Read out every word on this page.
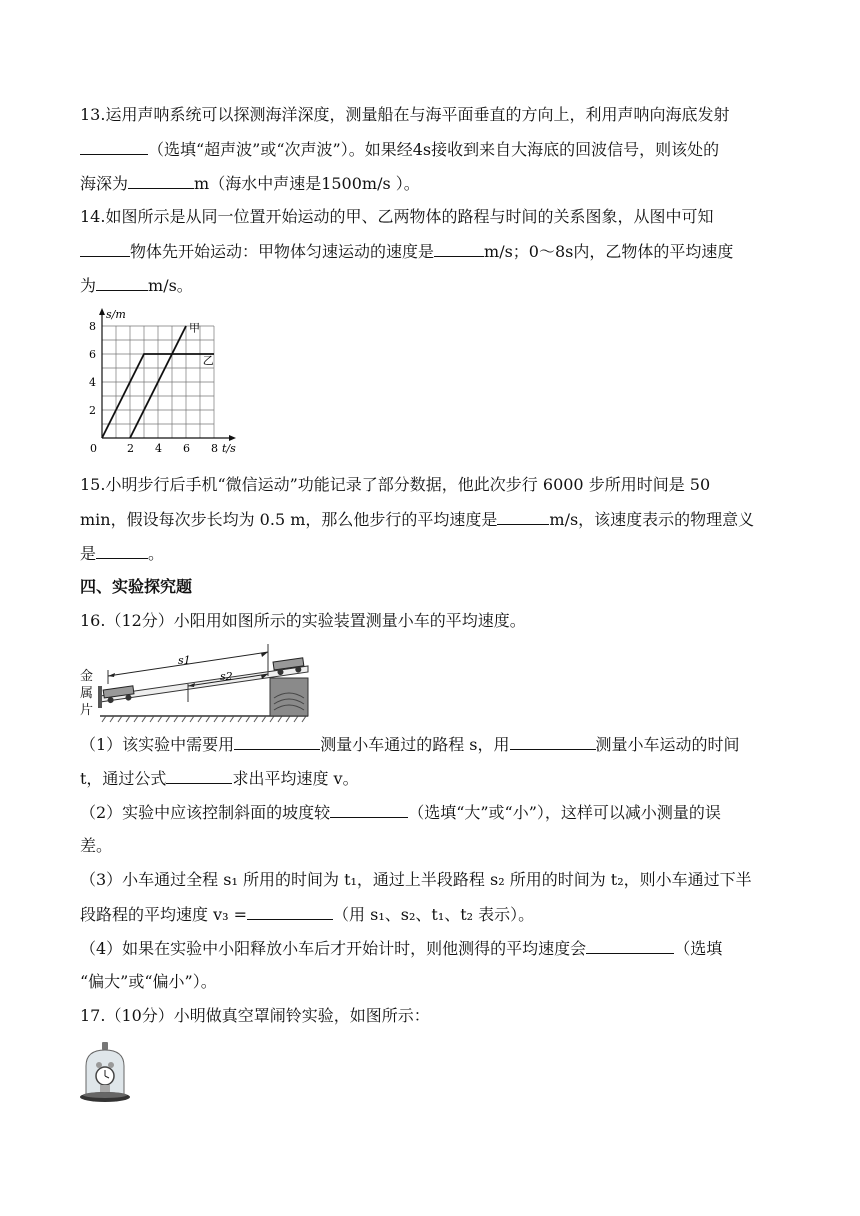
13.运用声呐系统可以探测海洋深度，测量船在与海平面垂直的方向上，利用声呐向海底发射
（选填“超声波”或“次声波”）。如果经4s接收到来自大海底的回波信号，则该处的
海深为	m（海水中声速是1500m/s ）。
14.如图所示是从同一位置开始运动的甲、乙两物体的路程与时间的关系图象，从图中可知
物体先开始运动：甲物体匀速运动的速度是	m/s；0～8s内，乙物体的平均速度
为	m/s。
0	2 4 6 8
2
4
6
8
t/s
s/m
甲
乙
15.小明步行后手机“微信运动”功能记录了部分数据，他此次步行 6000 步所用时间是 50
min，假设每次步长均为 0.5 m，那么他步行的平均速度是	m/s，该速度表示的物理意义
是	。
四、实验探究题
16.（12分）小阳用如图所示的实验装置测量小车的平均速度。
s1
s2
金属片
（1）该实验中需要用	测量小车通过的路程 s，用	测量小车运动的时间
t，通过公式	求出平均速度 v。
（2）实验中应该控制斜面的坡度较	（选填“大”或“小”），这样可以减小测量的误
差。
（3）小车通过全程 s₁ 所用的时间为 t₁，通过上半段路程 s₂ 所用的时间为 t₂，则小车通过下半
段路程的平均速度 v₃ =	（用 s₁、s₂、t₁、t₂ 表示）。
（4）如果在实验中小阳释放小车后才开始计时，则他测得的平均速度会	（选填
“偏大”或“偏小”）。
17.（10分）小明做真空罩闹铃实验，如图所示：
